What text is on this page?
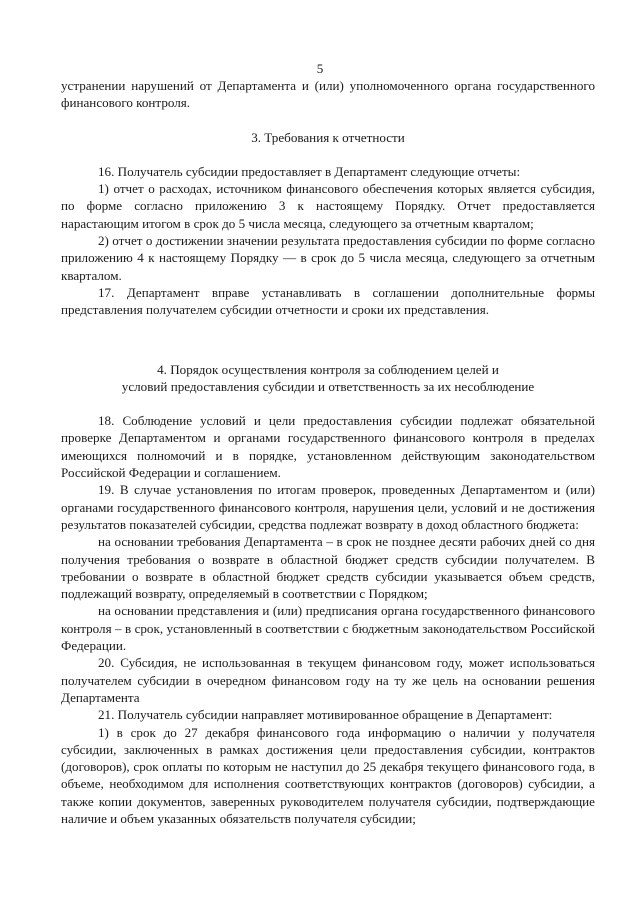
5

устранении нарушений от Департамента и (или) уполномоченного органа государственного финансового контроля.

3. Требования к отчетности

16. Получатель субсидии предоставляет в Департамент следующие отчеты:

1) отчет о расходах, источником финансового обеспечения которых является субсидия, по форме согласно приложению 3 к настоящему Порядку. Отчет предоставляется нарастающим итогом в срок до 5 числа месяца, следующего за отчетным кварталом;

2) отчет о достижении значении результата предоставления субсидии по форме согласно приложению 4 к настоящему Порядку — в срок до 5 числа месяца, следующего за отчетным кварталом.

17. Департамент вправе устанавливать в соглашении дополнительные формы представления получателем субсидии отчетности и сроки их представления.

4. Порядок осуществления контроля за соблюдением целей и

условий предоставления субсидии и ответственность за их несоблюдение

18. Соблюдение условий и цели предоставления субсидии подлежат обязательной проверке Департаментом и органами государственного финансового контроля в пределах имеющихся полномочий и в порядке, установленном действующим законодательством Российской Федерации и соглашением.

19. В случае установления по итогам проверок, проведенных Департаментом и (или) органами государственного финансового контроля, нарушения цели, условий и не достижения результатов показателей субсидии, средства подлежат возврату в доход областного бюджета:

на основании требования Департамента – в срок не позднее десяти рабочих дней со дня получения требования о возврате в областной бюджет средств субсидии получателем. В требовании о возврате в областной бюджет средств субсидии указывается объем средств, подлежащий возврату, определяемый в соответствии с Порядком;

на основании представления и (или) предписания органа государственного финансового контроля – в срок, установленный в соответствии с бюджетным законодательством Российской Федерации.

20. Субсидия, не использованная в текущем финансовом году, может использоваться получателем субсидии в очередном финансовом году на ту же цель на основании решения Департамента

21. Получатель субсидии направляет мотивированное обращение в Департамент:

1) в срок до 27 декабря финансового года информацию о наличии у получателя субсидии, заключенных в рамках достижения цели предоставления субсидии, контрактов (договоров), срок оплаты по которым не наступил до 25 декабря текущего финансового года, в объеме, необходимом для исполнения соответствующих контрактов (договоров) субсидии, а также копии документов, заверенных руководителем получателя субсидии, подтверждающие наличие и объем указанных обязательств получателя субсидии;
